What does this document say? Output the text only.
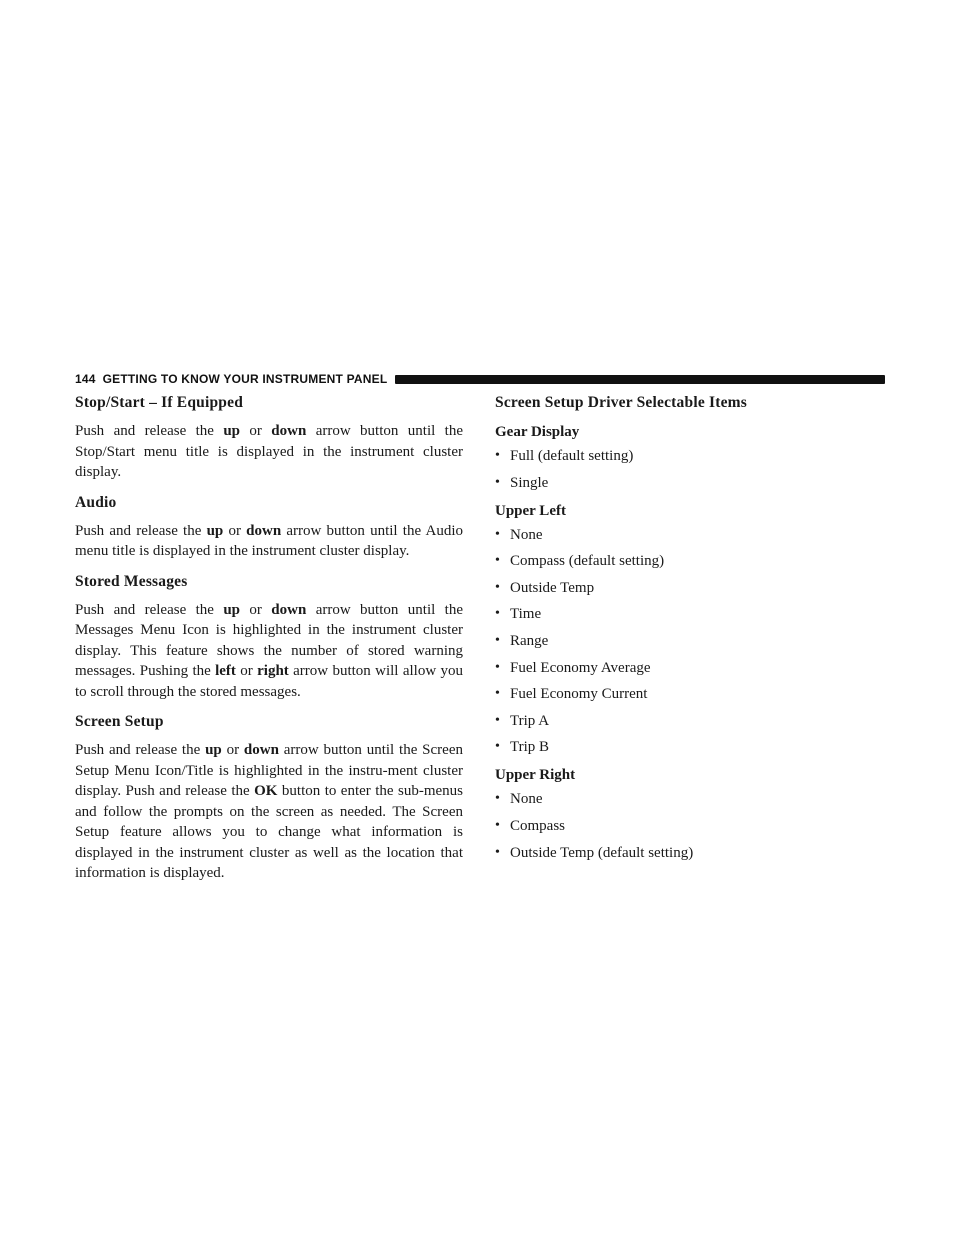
144 GETTING TO KNOW YOUR INSTRUMENT PANEL
Stop/Start – If Equipped

Push and release the up or down arrow button until the Stop/Start menu title is displayed in the instrument cluster display.

Audio

Push and release the up or down arrow button until the Audio menu title is displayed in the instrument cluster display.

Stored Messages

Push and release the up or down arrow button until the Messages Menu Icon is highlighted in the instrument cluster display. This feature shows the number of stored warning messages. Pushing the left or right arrow button will allow you to scroll through the stored messages.

Screen Setup

Push and release the up or down arrow button until the Screen Setup Menu Icon/Title is highlighted in the instru-ment cluster display. Push and release the OK button to enter the sub-menus and follow the prompts on the screen as needed. The Screen Setup feature allows you to change what information is displayed in the instrument cluster as well as the location that information is displayed.

Screen Setup Driver Selectable Items
Gear Display
• Full (default setting)
• Single
Upper Left
• None
• Compass (default setting)
• Outside Temp
• Time
• Range
• Fuel Economy Average
• Fuel Economy Current
• Trip A
• Trip B
Upper Right
• None
• Compass
• Outside Temp (default setting)
